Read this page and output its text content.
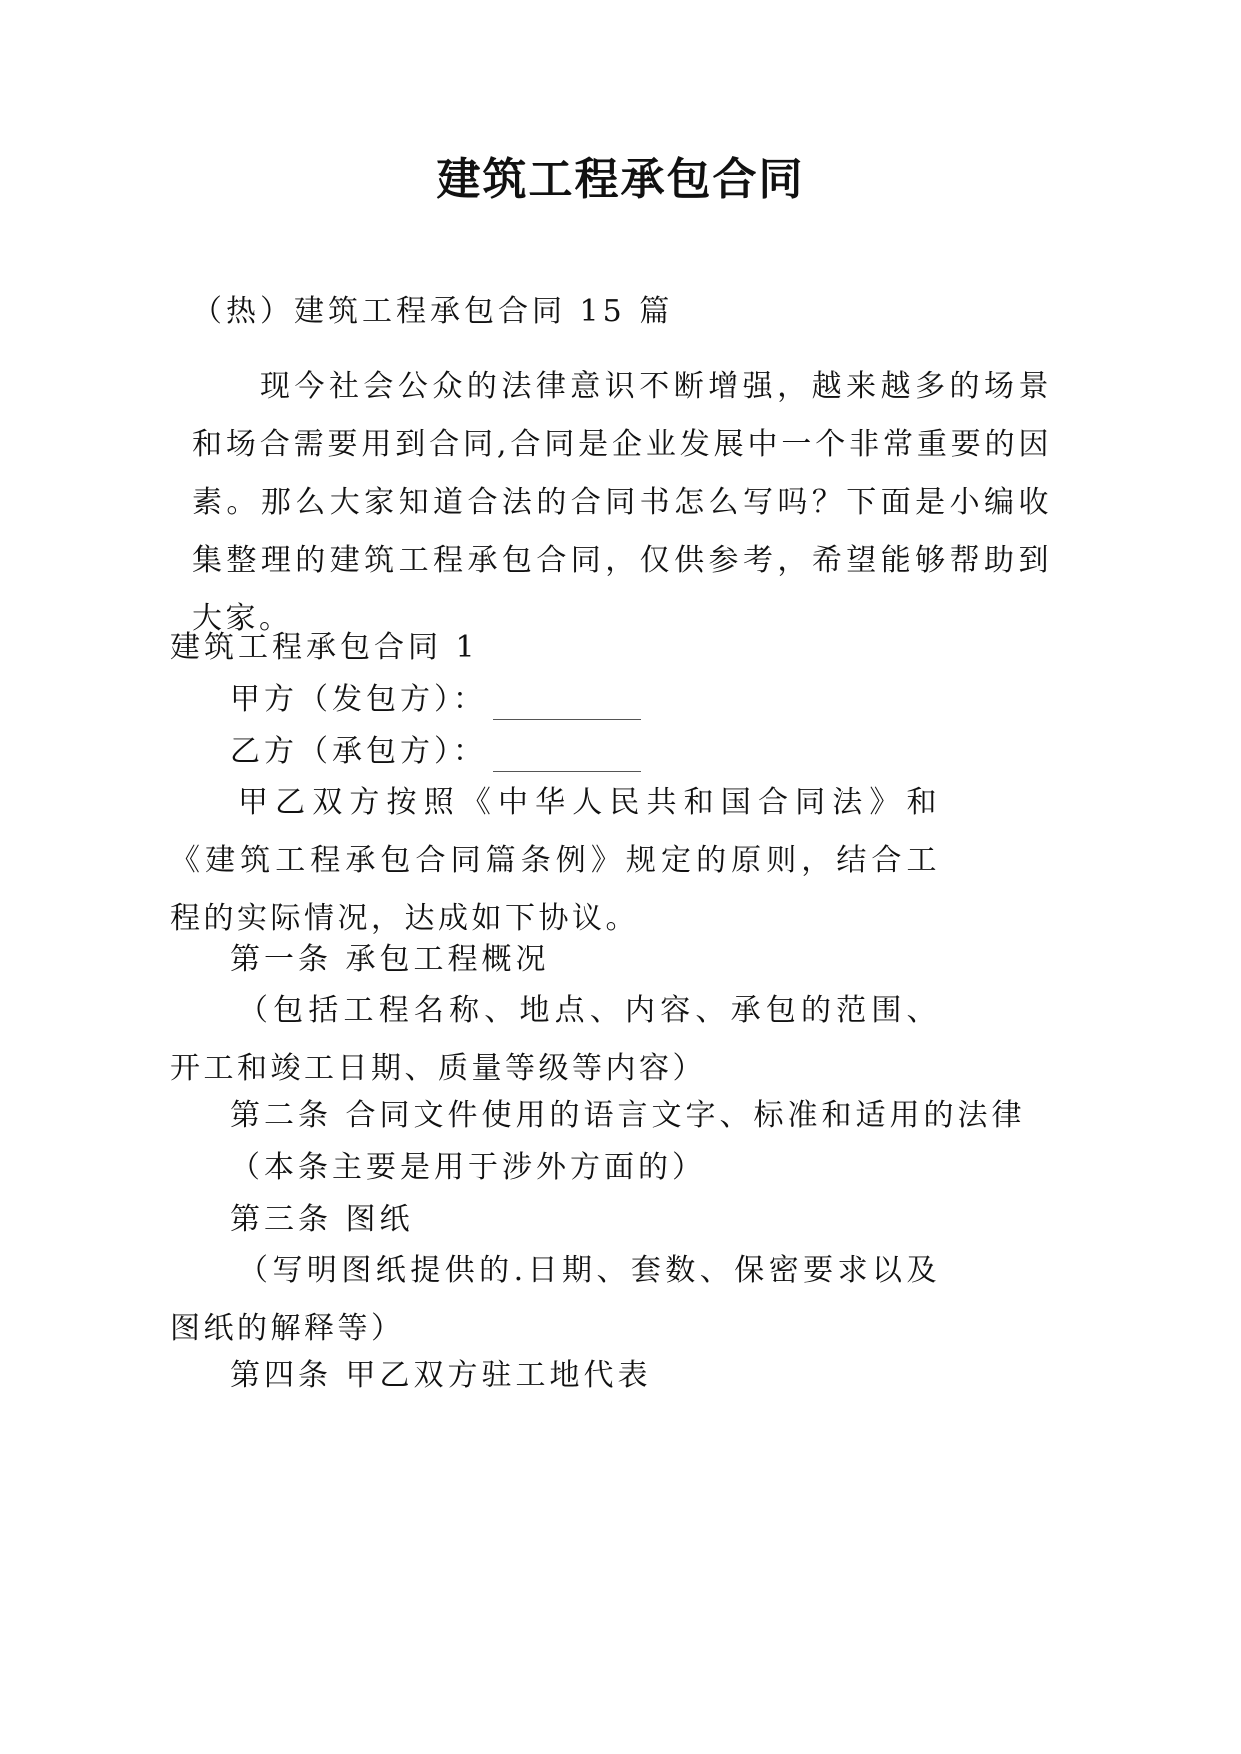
建筑工程承包合同
（热）建筑工程承包合同 15 篇
现今社会公众的法律意识不断增强，越来越多的场景和场合需要用到合同,合同是企业发展中一个非常重要的因素。那么大家知道合法的合同书怎么写吗？下面是小编收集整理的建筑工程承包合同，仅供参考，希望能够帮助到大家。
建筑工程承包合同 1
甲方（发包方）：
乙方（承包方）：
甲乙双方按照《中华人民共和国合同法》和《建筑工程承包合同篇条例》规定的原则，结合工程的实际情况，达成如下协议。
第一条 承包工程概况
（包括工程名称、地点、内容、承包的范围、开工和竣工日期、质量等级等内容）
第二条 合同文件使用的语言文字、标准和适用的法律
（本条主要是用于涉外方面的）
第三条 图纸
（写明图纸提供的.日期、套数、保密要求以及图纸的解释等）
第四条 甲乙双方驻工地代表
